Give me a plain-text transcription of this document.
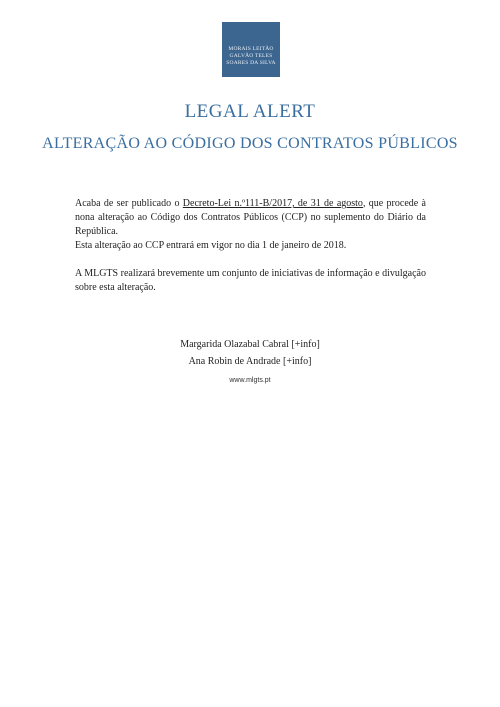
MORAIS LEITÃO
GALVÃO TELES
SOARES DA SILVA
LEGAL ALERT
ALTERAÇÃO AO CÓDIGO DOS CONTRATOS PÚBLICOS

Acaba de ser publicado o Decreto-Lei n.º111-B/2017, de 31 de agosto, que procede à nona alteração ao Código dos Contratos Públicos (CCP) no suplemento do Diário da República.

Esta alteração ao CCP entrará em vigor no dia 1 de janeiro de 2018.

A MLGTS realizará brevemente um conjunto de iniciativas de informação e divulgação sobre esta alteração.

Margarida Olazabal Cabral [+info]
Ana Robin de Andrade [+info]
www.mlgts.pt
